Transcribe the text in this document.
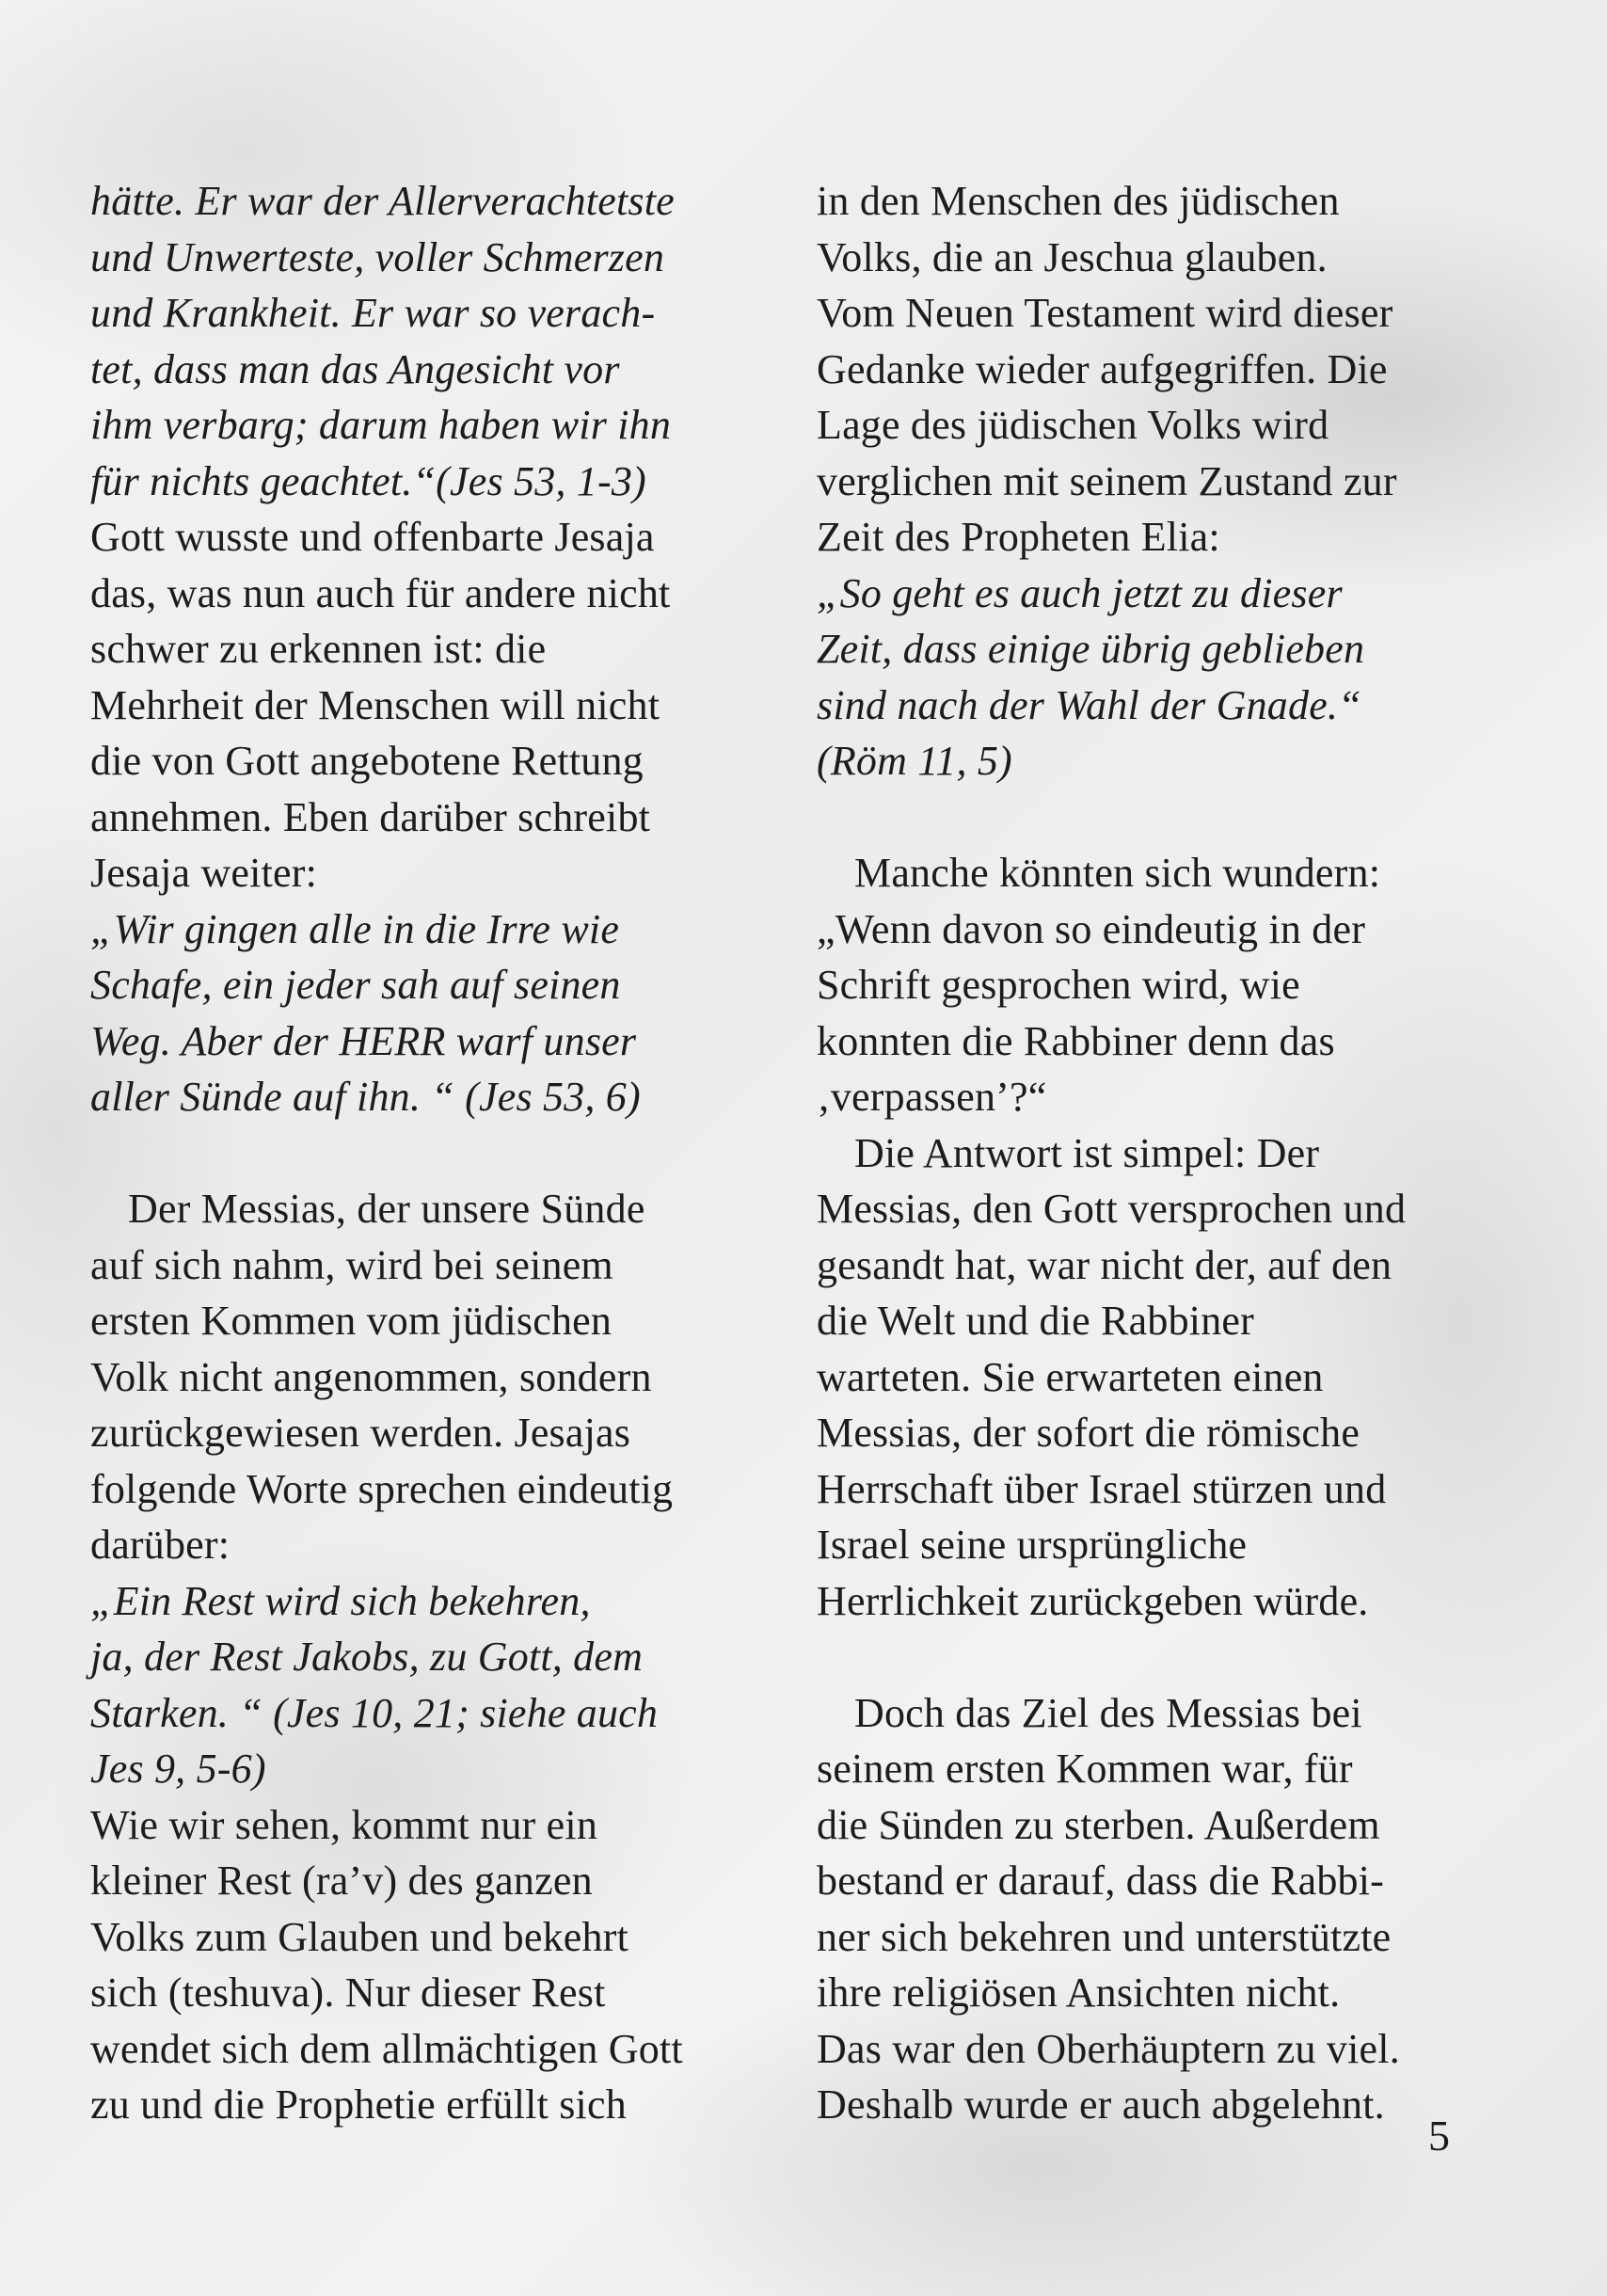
hätte. Er war der Allerverachtetste
und Unwerteste, voller Schmerzen
und Krankheit. Er war so verach-
tet, dass man das Angesicht vor
ihm verbarg; darum haben wir ihn
für nichts geachtet.“(Jes 53, 1-3)
Gott wusste und offenbarte Jesaja
das, was nun auch für andere nicht
schwer zu erkennen ist: die
Mehrheit der Menschen will nicht
die von Gott angebotene Rettung
annehmen. Eben darüber schreibt
Jesaja weiter:
„Wir gingen alle in die Irre wie
Schafe, ein jeder sah auf seinen
Weg. Aber der HERR warf unser
aller Sünde auf ihn. “ (Jes 53, 6)
Der Messias, der unsere Sünde
auf sich nahm, wird bei seinem
ersten Kommen vom jüdischen
Volk nicht angenommen, sondern
zurückgewiesen werden. Jesajas
folgende Worte sprechen eindeutig
darüber:
„Ein Rest wird sich bekehren,
ja, der Rest Jakobs, zu Gott, dem
Starken. “ (Jes 10, 21; siehe auch
Jes 9, 5-6)
Wie wir sehen, kommt nur ein
kleiner Rest (ra’v) des ganzen
Volks zum Glauben und bekehrt
sich (teshuva). Nur dieser Rest
wendet sich dem allmächtigen Gott
zu und die Prophetie erfüllt sich
in den Menschen des jüdischen
Volks, die an Jeschua glauben.
Vom Neuen Testament wird dieser
Gedanke wieder aufgegriffen. Die
Lage des jüdischen Volks wird
verglichen mit seinem Zustand zur
Zeit des Propheten Elia:
„So geht es auch jetzt zu dieser
Zeit, dass einige übrig geblieben
sind nach der Wahl der Gnade.“
(Röm 11, 5)
Manche könnten sich wundern:
„Wenn davon so eindeutig in der
Schrift gesprochen wird, wie
konnten die Rabbiner denn das
‚verpassen’?“
Die Antwort ist simpel: Der
Messias, den Gott versprochen und
gesandt hat, war nicht der, auf den
die Welt und die Rabbiner
warteten. Sie erwarteten einen
Messias, der sofort die römische
Herrschaft über Israel stürzen und
Israel seine ursprüngliche
Herrlichkeit zurückgeben würde.
Doch das Ziel des Messias bei
seinem ersten Kommen war, für
die Sünden zu sterben. Außerdem
bestand er darauf, dass die Rabbi-
ner sich bekehren und unterstützte
ihre religiösen Ansichten nicht.
Das war den Oberhäuptern zu viel.
Deshalb wurde er auch abgelehnt.
5
